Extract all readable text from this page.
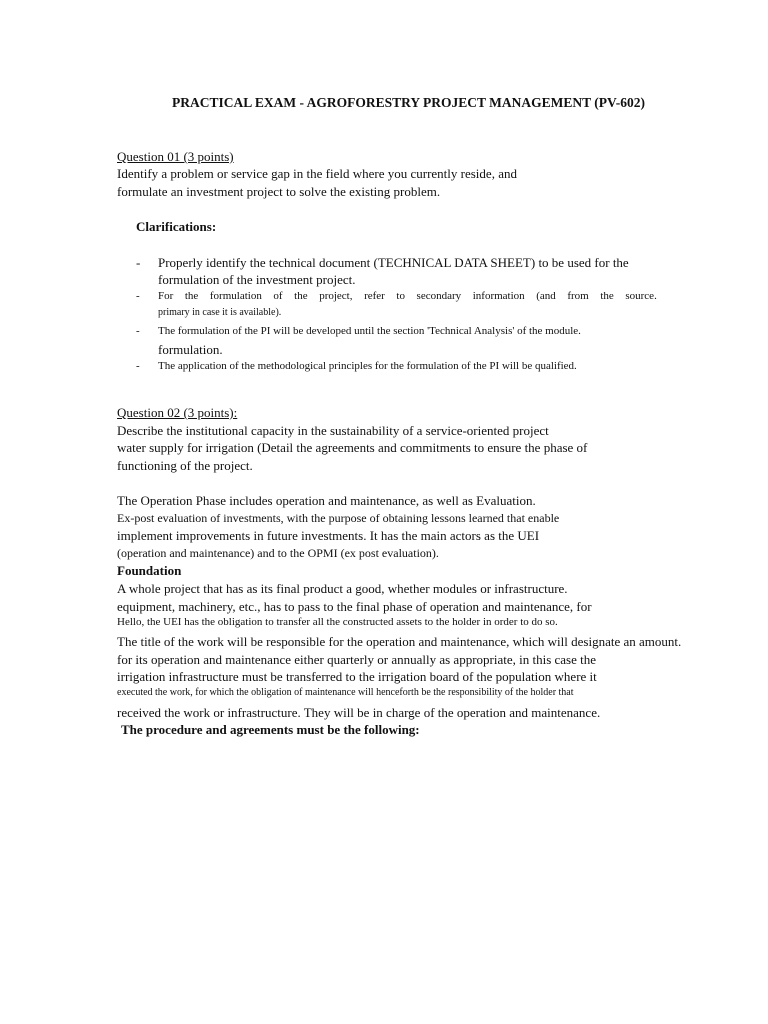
PRACTICAL EXAM - AGROFORESTRY PROJECT MANAGEMENT (PV-602)
Question 01 (3 points)
Identify a problem or service gap in the field where you currently reside, and
formulate an investment project to solve the existing problem.
Clarifications:
- Properly identify the technical document (TECHNICAL DATA SHEET) to be used for the
formulation of the investment project.
- For the formulation of the project, refer to secondary information (and from the source.
primary in case it is available).
- The formulation of the PI will be developed until the section 'Technical Analysis' of the module.
formulation.
- The application of the methodological principles for the formulation of the PI will be qualified.
Question 02 (3 points):
Describe the institutional capacity in the sustainability of a service-oriented project
water supply for irrigation (Detail the agreements and commitments to ensure the phase of
functioning of the project.
The Operation Phase includes operation and maintenance, as well as Evaluation.
Ex-post evaluation of investments, with the purpose of obtaining lessons learned that enable
implement improvements in future investments. It has the main actors as the UEI
(operation and maintenance) and to the OPMI (ex post evaluation).
Foundation
A whole project that has as its final product a good, whether modules or infrastructure.
equipment, machinery, etc., has to pass to the final phase of operation and maintenance, for
Hello, the UEI has the obligation to transfer all the constructed assets to the holder in order to do so.
The title of the work will be responsible for the operation and maintenance, which will designate an amount.
for its operation and maintenance either quarterly or annually as appropriate, in this case the
irrigation infrastructure must be transferred to the irrigation board of the population where it
executed the work, for which the obligation of maintenance will henceforth be the responsibility of the holder that
received the work or infrastructure. They will be in charge of the operation and maintenance.
The procedure and agreements must be the following:
